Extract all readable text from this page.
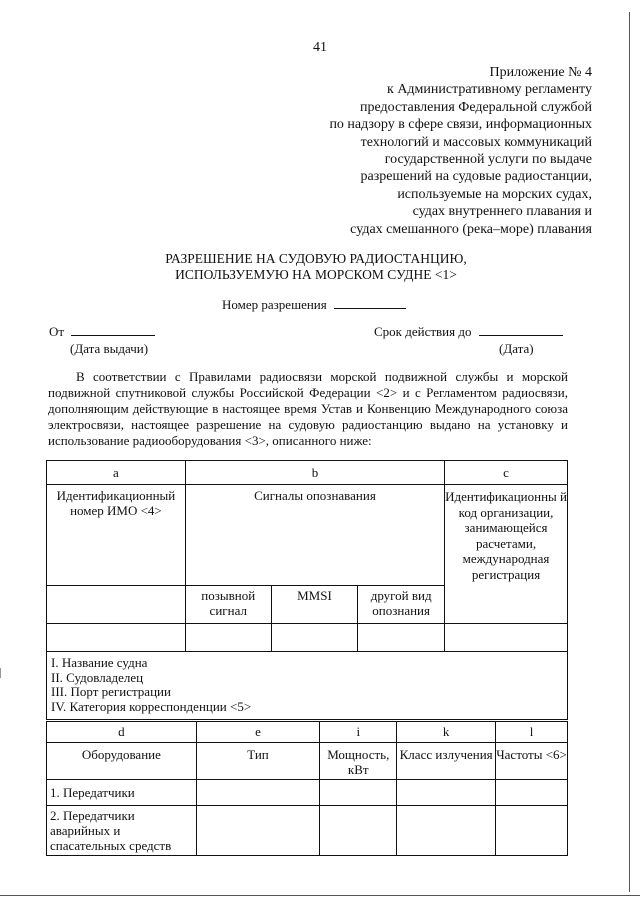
41
Приложение № 4
к Административному регламенту
предоставления Федеральной службой
по надзору в сфере связи, информационных
технологий и массовых коммуникаций
государственной услуги по выдаче
разрешений на судовые радиостанции,
используемые на морских судах,
судах внутреннего плавания и
судах смешанного (река–море) плавания
РАЗРЕШЕНИЕ НА СУДОВУЮ РАДИОСТАНЦИЮ,
ИСПОЛЬЗУЕМУЮ НА МОРСКОМ СУДНЕ <1>
Номер разрешения
От
(Дата выдачи)
Срок действия до
(Дата)
В соответствии с Правилами радиосвязи морской подвижной службы и морской подвижной спутниковой службы Российской Федерации <2> и с Регламентом радиосвязи, дополняющим действующие в настоящее время Устав и Конвенцию Международного союза электросвязи, настоящее разрешение на судовую радиостанцию выдано на установку и использование радиооборудования <3>, описанного ниже:
a	b			c
Идентификационный номер ИМО <4>	Сигналы опознавания			Идентификационны й код организации, занимающейся расчетами, международная регистрация
	позывной сигнал	MMSI	другой вид опознания	

I. Название судна
II. Судовладелец
III. Порт регистрации
IV. Категория корреспонденции <5>				
d	e	i	k	l
Оборудование	Тип	Мощность, кВт	Класс излучения	Частоты <6>
1. Передатчики				
2. Передатчики аварийных и спасательных средств				
